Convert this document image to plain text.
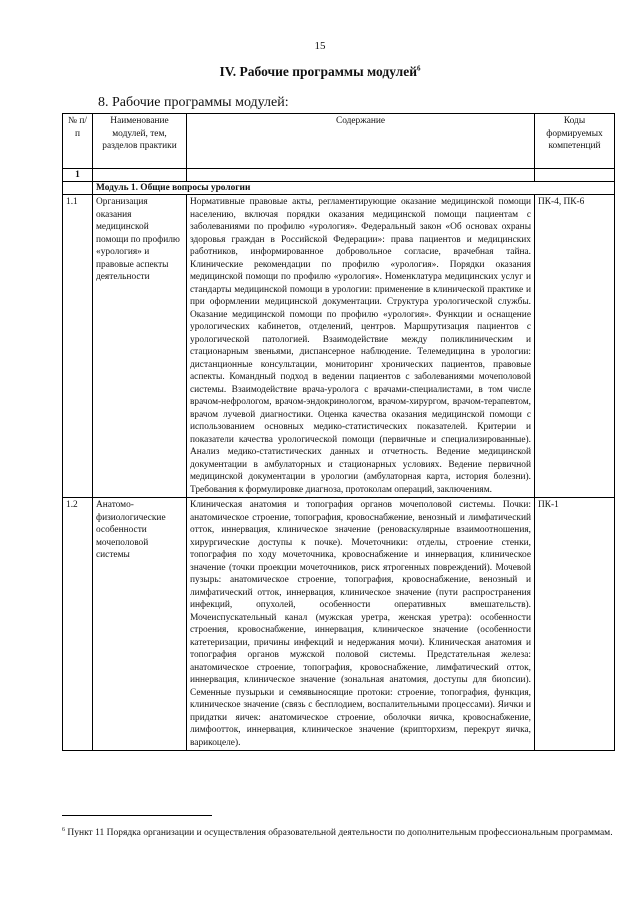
15
IV. Рабочие программы модулей$^6$
8. Рабочие программы модулей:
№ п/п	Наименование модулей, тем, разделов практики	Содержание	Коды формируемых компетенций
1			
	Модуль 1. Общие вопросы урологии		
1.1	Организация оказания медицинской помощи по профилю «урология» и правовые аспекты деятельности	Нормативные правовые акты, регламентирующие оказание медицинской помощи населению, включая порядки оказания медицинской помощи пациентам с заболеваниями по профилю «урология». Федеральный закон «Об основах охраны здоровья граждан в Российской Федерации»: права пациентов и медицинских работников, информированное добровольное согласие, врачебная тайна. Клинические рекомендации по профилю «урология». Порядки оказания медицинской помощи по профилю «урология». Номенклатура медицинских услуг и стандарты медицинской помощи в урологии: применение в клинической практике и при оформлении медицинской документации. Структура урологической службы. Оказание медицинской помощи по профилю «урология». Функции и оснащение урологических кабинетов, отделений, центров. Маршрутизация пациентов с урологической патологией. Взаимодействие между поликлиническим и стационарным звеньями, диспансерное наблюдение. Телемедицина в урологии: дистанционные консультации, мониторинг хронических пациентов, правовые аспекты. Командный подход в ведении пациентов с заболеваниями мочеполовой системы. Взаимодействие врача-уролога с врачами-специалистами, в том числе врачом-нефрологом, врачом-эндокринологом, врачом-хирургом, врачом-терапевтом, врачом лучевой диагностики. Оценка качества оказания медицинской помощи с использованием основных медико-статистических показателей. Критерии и показатели качества урологической помощи (первичные и специализированные). Анализ медико-статистических данных и отчетность. Ведение медицинской документации в амбулаторных и стационарных условиях. Ведение первичной медицинской документации в урологии (амбулаторная карта, история болезни). Требования к формулировке диагноза, протоколам операций, заключениям.	ПК-4, ПК-6
1.2	Анатомо-физиологические особенности мочеполовой системы	Клиническая анатомия и топография органов мочеполовой системы. Почки: анатомическое строение, топография, кровоснабжение, венозный и лимфатический отток, иннервация, клиническое значение (реноваскулярные взаимоотношения, хирургические доступы к почке). Мочеточники: отделы, строение стенки, топография по ходу мочеточника, кровоснабжение и иннервация, клиническое значение (точки проекции мочеточников, риск ятрогенных повреждений). Мочевой пузырь: анатомическое строение, топография, кровоснабжение, венозный и лимфатический отток, иннервация, клиническое значение (пути распространения инфекций, опухолей, особенности оперативных вмешательств). Мочеиспускательный канал (мужская уретра, женская уретра): особенности строения, кровоснабжение, иннервация, клиническое значение (особенности катетеризации, причины инфекций и недержания мочи). Клиническая анатомия и топография органов мужской половой системы. Предстательная железа: анатомическое строение, топография, кровоснабжение, лимфатический отток, иннервация, клиническое значение (зональная анатомия, доступы для биопсии). Семенные пузырьки и семявыносящие протоки: строение, топография, функция, клиническое значение (связь с бесплодием, воспалительными процессами). Яички и придатки яичек: анатомическое строение, оболочки яичка, кровоснабжение, лимфоотток, иннервация, клиническое значение (крипторхизм, перекрут яичка, варикоцеле).	ПК-1
$^6$ Пункт 11 Порядка организации и осуществления образовательной деятельности по дополнительным профессиональным программам.
